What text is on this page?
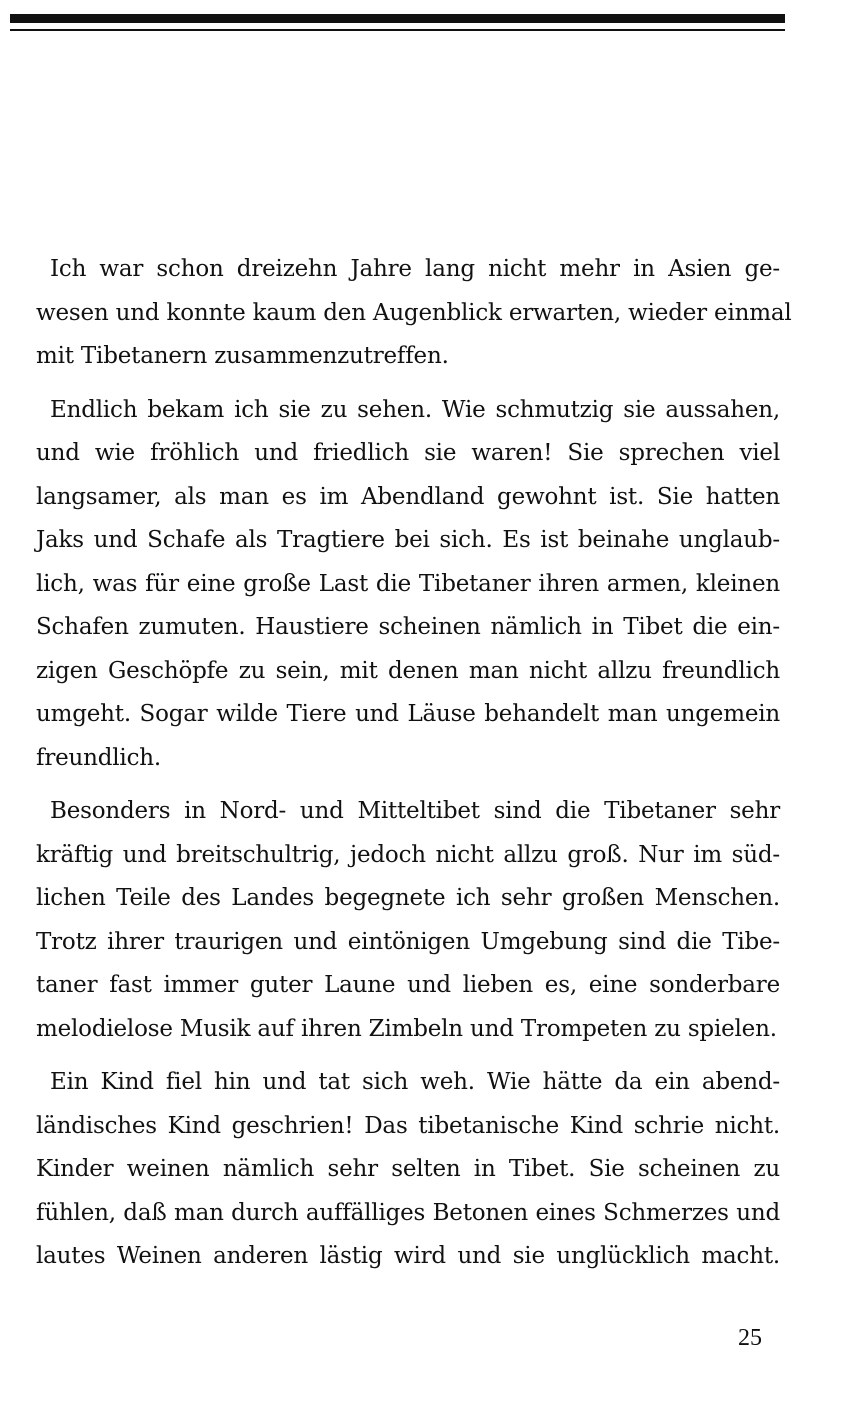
Ich war schon dreizehn Jahre lang nicht mehr in Asien ge-
wesen und konnte kaum den Augenblick erwarten, wieder einmal
mit Tibetanern zusammenzutreffen.
Endlich bekam ich sie zu sehen. Wie schmutzig sie aussahen,
und wie fröhlich und friedlich sie waren! Sie sprechen viel
langsamer, als man es im Abendland gewohnt ist. Sie hatten
Jaks und Schafe als Tragtiere bei sich. Es ist beinahe unglaub-
lich, was für eine große Last die Tibetaner ihren armen, kleinen
Schafen zumuten. Haustiere scheinen nämlich in Tibet die ein-
zigen Geschöpfe zu sein, mit denen man nicht allzu freundlich
umgeht. Sogar wilde Tiere und Läuse behandelt man ungemein
freundlich.
Besonders in Nord- und Mitteltibet sind die Tibetaner sehr
kräftig und breitschultrig, jedoch nicht allzu groß. Nur im süd-
lichen Teile des Landes begegnete ich sehr großen Menschen.
Trotz ihrer traurigen und eintönigen Umgebung sind die Tibe-
taner fast immer guter Laune und lieben es, eine sonderbare
melodielose Musik auf ihren Zimbeln und Trompeten zu spielen.
Ein Kind fiel hin und tat sich weh. Wie hätte da ein abend-
ländisches Kind geschrien! Das tibetanische Kind schrie nicht.
Kinder weinen nämlich sehr selten in Tibet. Sie scheinen zu
fühlen, daß man durch auffälliges Betonen eines Schmerzes und
lautes Weinen anderen lästig wird und sie unglücklich macht.
25
